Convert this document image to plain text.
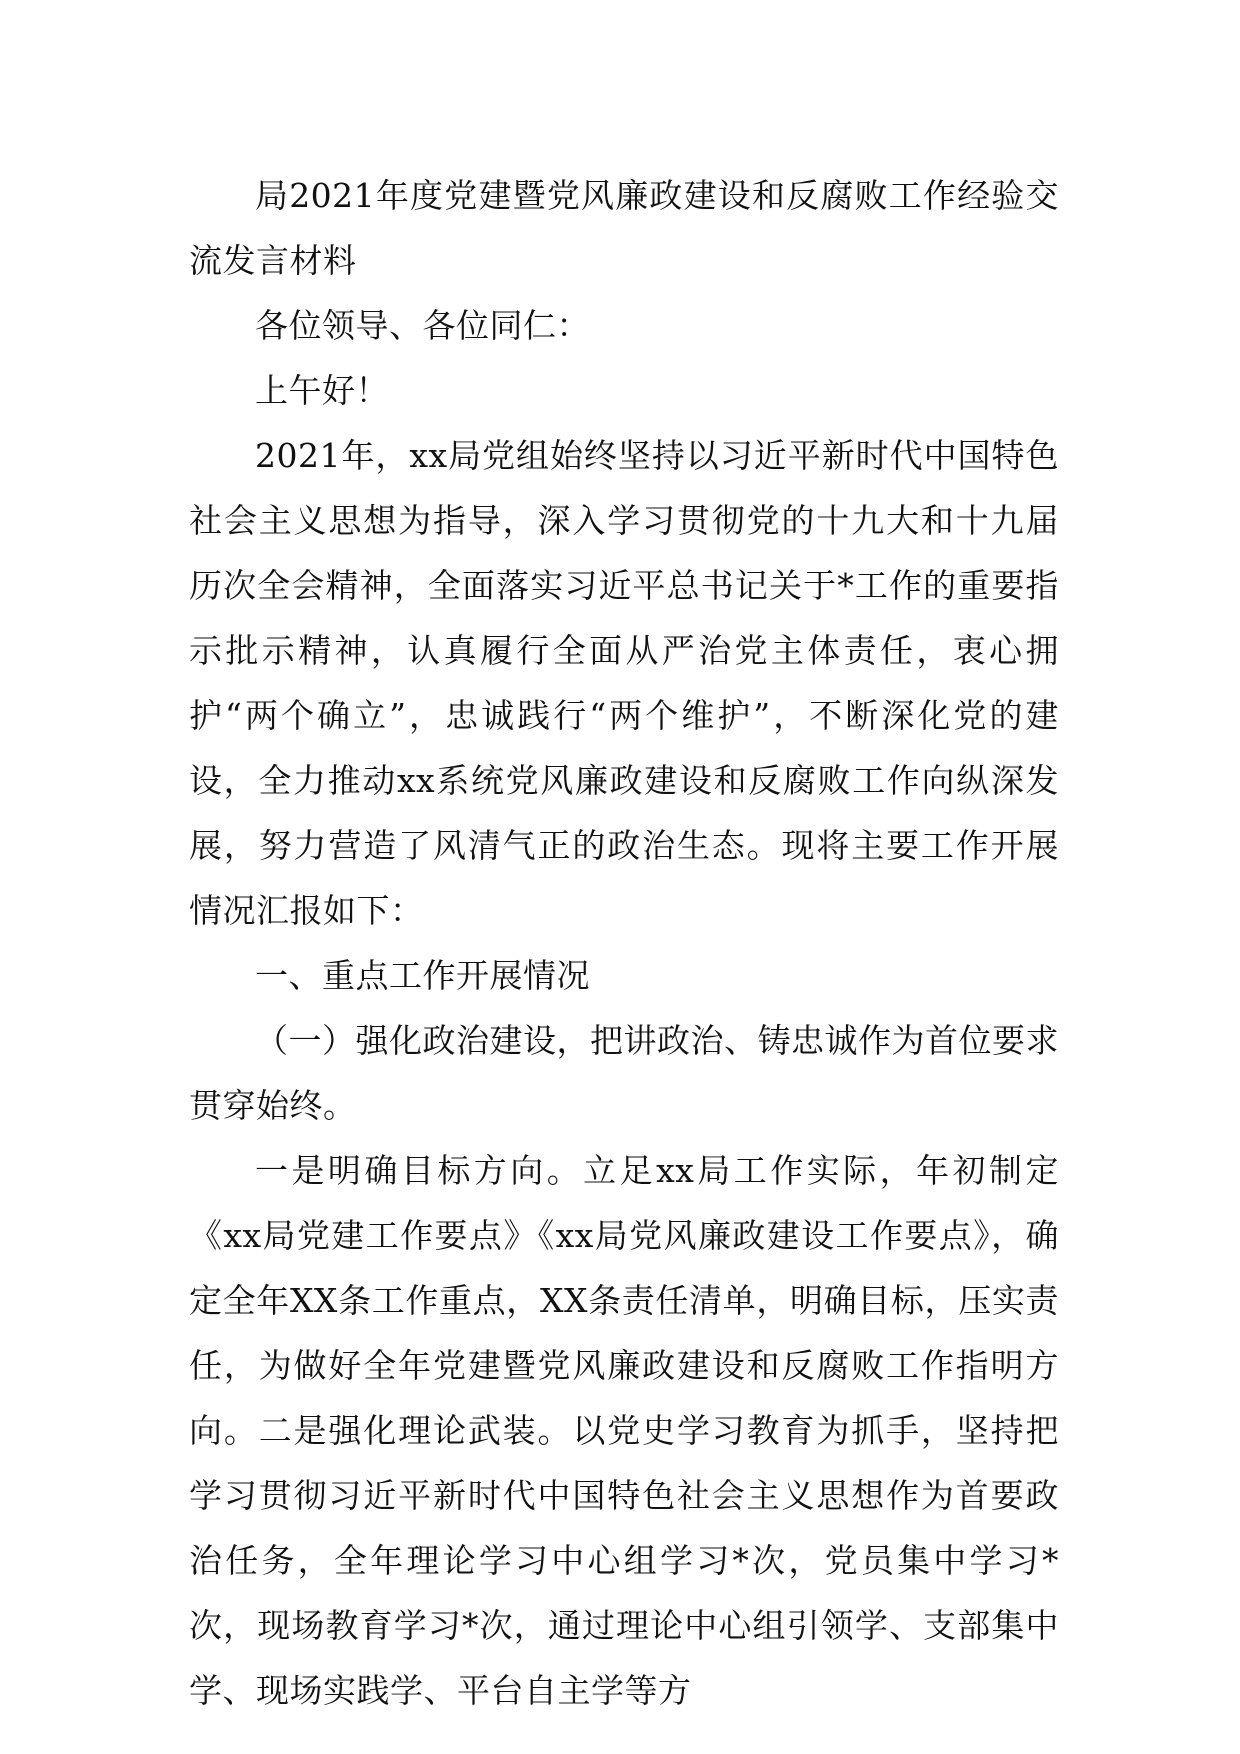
局2021年度党建暨党风廉政建设和反腐败工作经验交流发言材料

各位领导、各位同仁：

上午好！

2021年，xx局党组始终坚持以习近平新时代中国特色社会主义思想为指导，深入学习贯彻党的十九大和十九届历次全会精神，全面落实习近平总书记关于*工作的重要指示批示精神，认真履行全面从严治党主体责任，衷心拥护“两个确立”，忠诚践行“两个维护”，不断深化党的建设，全力推动xx系统党风廉政建设和反腐败工作向纵深发展，努力营造了风清气正的政治生态。现将主要工作开展情况汇报如下：

一、重点工作开展情况

（一）强化政治建设，把讲政治、铸忠诚作为首位要求贯穿始终。

一是明确目标方向。立足xx局工作实际，年初制定《xx局党建工作要点》《xx局党风廉政建设工作要点》，确定全年XX条工作重点，XX条责任清单，明确目标，压实责任，为做好全年党建暨党风廉政建设和反腐败工作指明方向。二是强化理论武装。以党史学习教育为抓手，坚持把学习贯彻习近平新时代中国特色社会主义思想作为首要政治任务，全年理论学习中心组学习*次，党员集中学习*次，现场教育学习*次，通过理论中心组引领学、支部集中学、现场实践学、平台自主学等方
